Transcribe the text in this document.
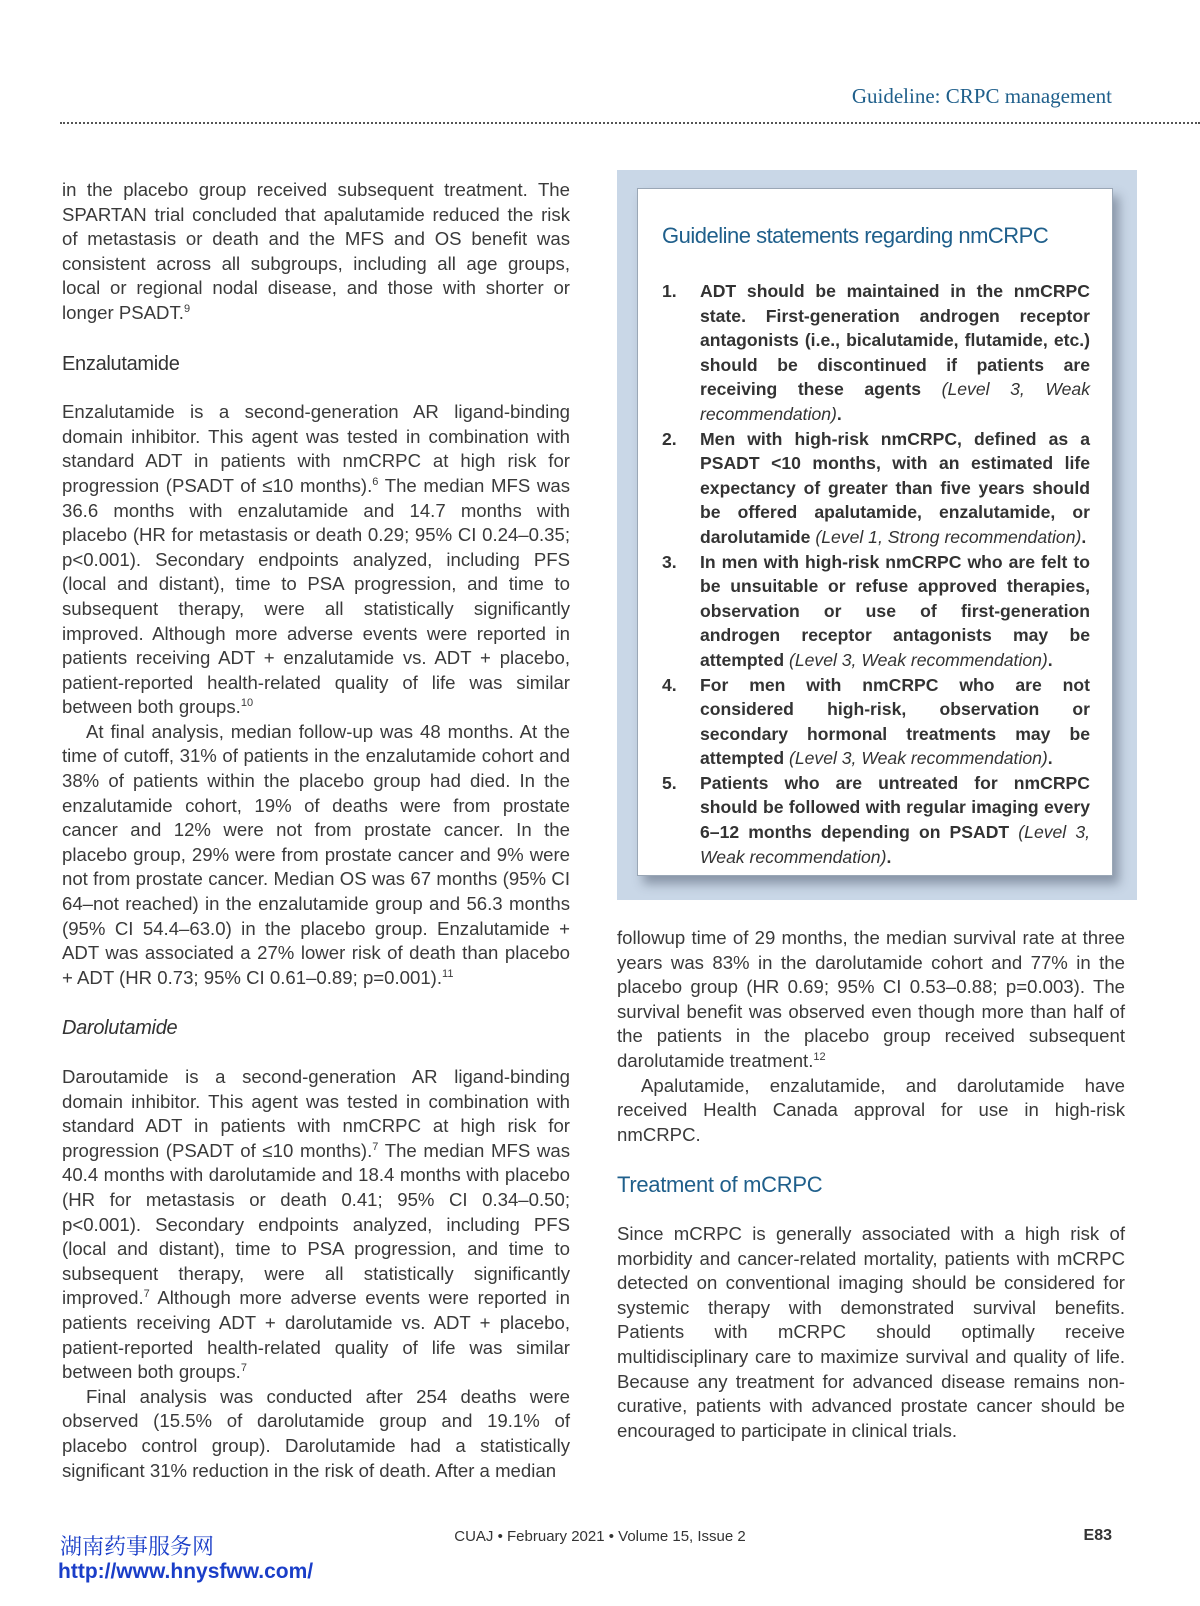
Guideline: CRPC management

in the placebo group received subsequent treatment. The SPARTAN trial concluded that apalutamide reduced the risk of metastasis or death and the MFS and OS benefit was consistent across all subgroups, including all age groups, local or regional nodal disease, and those with shorter or longer PSADT.$^9$

Enzalutamide

Enzalutamide is a second-generation AR ligand-binding domain inhibitor. This agent was tested in combination with standard ADT in patients with nmCRPC at high risk for progression (PSADT of ≤10 months).$^6$ The median MFS was 36.6 months with enzalutamide and 14.7 months with placebo (HR for metastasis or death 0.29; 95% CI 0.24–0.35; p<0.001). Secondary endpoints analyzed, including PFS (local and distant), time to PSA progression, and time to subsequent therapy, were all statistically significantly improved. Although more adverse events were reported in patients receiving ADT + enzalutamide vs. ADT + placebo, patient-reported health-related quality of life was similar between both groups.$^{10}$

At final analysis, median follow-up was 48 months. At the time of cutoff, 31% of patients in the enzalutamide cohort and 38% of patients within the placebo group had died. In the enzalutamide cohort, 19% of deaths were from prostate cancer and 12% were not from prostate cancer. In the placebo group, 29% were from prostate cancer and 9% were not from prostate cancer. Median OS was 67 months (95% CI 64–not reached) in the enzalutamide group and 56.3 months (95% CI 54.4–63.0) in the placebo group. Enzalutamide + ADT was associated a 27% lower risk of death than placebo + ADT (HR 0.73; 95% CI 0.61–0.89; p=0.001).$^{11}$

Darolutamide

Daroutamide is a second-generation AR ligand-binding domain inhibitor. This agent was tested in combination with standard ADT in patients with nmCRPC at high risk for progression (PSADT of ≤10 months).$^7$ The median MFS was 40.4 months with darolutamide and 18.4 months with placebo (HR for metastasis or death 0.41; 95% CI 0.34–0.50; p<0.001). Secondary endpoints analyzed, including PFS (local and distant), time to PSA progression, and time to subsequent therapy, were all statistically significantly improved.$^7$ Although more adverse events were reported in patients receiving ADT + darolutamide vs. ADT + placebo, patient-reported health-related quality of life was similar between both groups.$^7$

Final analysis was conducted after 254 deaths were observed (15.5% of darolutamide group and 19.1% of placebo control group). Darolutamide had a statistically significant 31% reduction in the risk of death. After a median

Guideline statements regarding nmCRPC
1. ADT should be maintained in the nmCRPC state. First-generation androgen receptor antagonists (i.e., bicalutamide, flutamide, etc.) should be discontinued if patients are receiving these agents (Level 3, Weak recommendation).
2. Men with high-risk nmCRPC, defined as a PSADT <10 months, with an estimated life expectancy of greater than five years should be offered apalutamide, enzalutamide, or darolutamide (Level 1, Strong recommendation).
3. In men with high-risk nmCRPC who are felt to be unsuitable or refuse approved therapies, observation or use of first-generation androgen receptor antagonists may be attempted (Level 3, Weak recommendation).
4. For men with nmCRPC who are not considered high-risk, observation or secondary hormonal treatments may be attempted (Level 3, Weak recommendation).
5. Patients who are untreated for nmCRPC should be followed with regular imaging every 6–12 months depending on PSADT (Level 3, Weak recommendation).

followup time of 29 months, the median survival rate at three years was 83% in the darolutamide cohort and 77% in the placebo group (HR 0.69; 95% CI 0.53–0.88; p=0.003). The survival benefit was observed even though more than half of the patients in the placebo group received subsequent darolutamide treatment.$^{12}$

Apalutamide, enzalutamide, and darolutamide have received Health Canada approval for use in high-risk nmCRPC.

Treatment of mCRPC

Since mCRPC is generally associated with a high risk of morbidity and cancer-related mortality, patients with mCRPC detected on conventional imaging should be considered for systemic therapy with demonstrated survival benefits. Patients with mCRPC should optimally receive multidisciplinary care to maximize survival and quality of life. Because any treatment for advanced disease remains non-curative, patients with advanced prostate cancer should be encouraged to participate in clinical trials.

CUAJ • February 2021 • Volume 15, Issue 2	E83
湖南药事服务网
http://www.hnysfww.com/
